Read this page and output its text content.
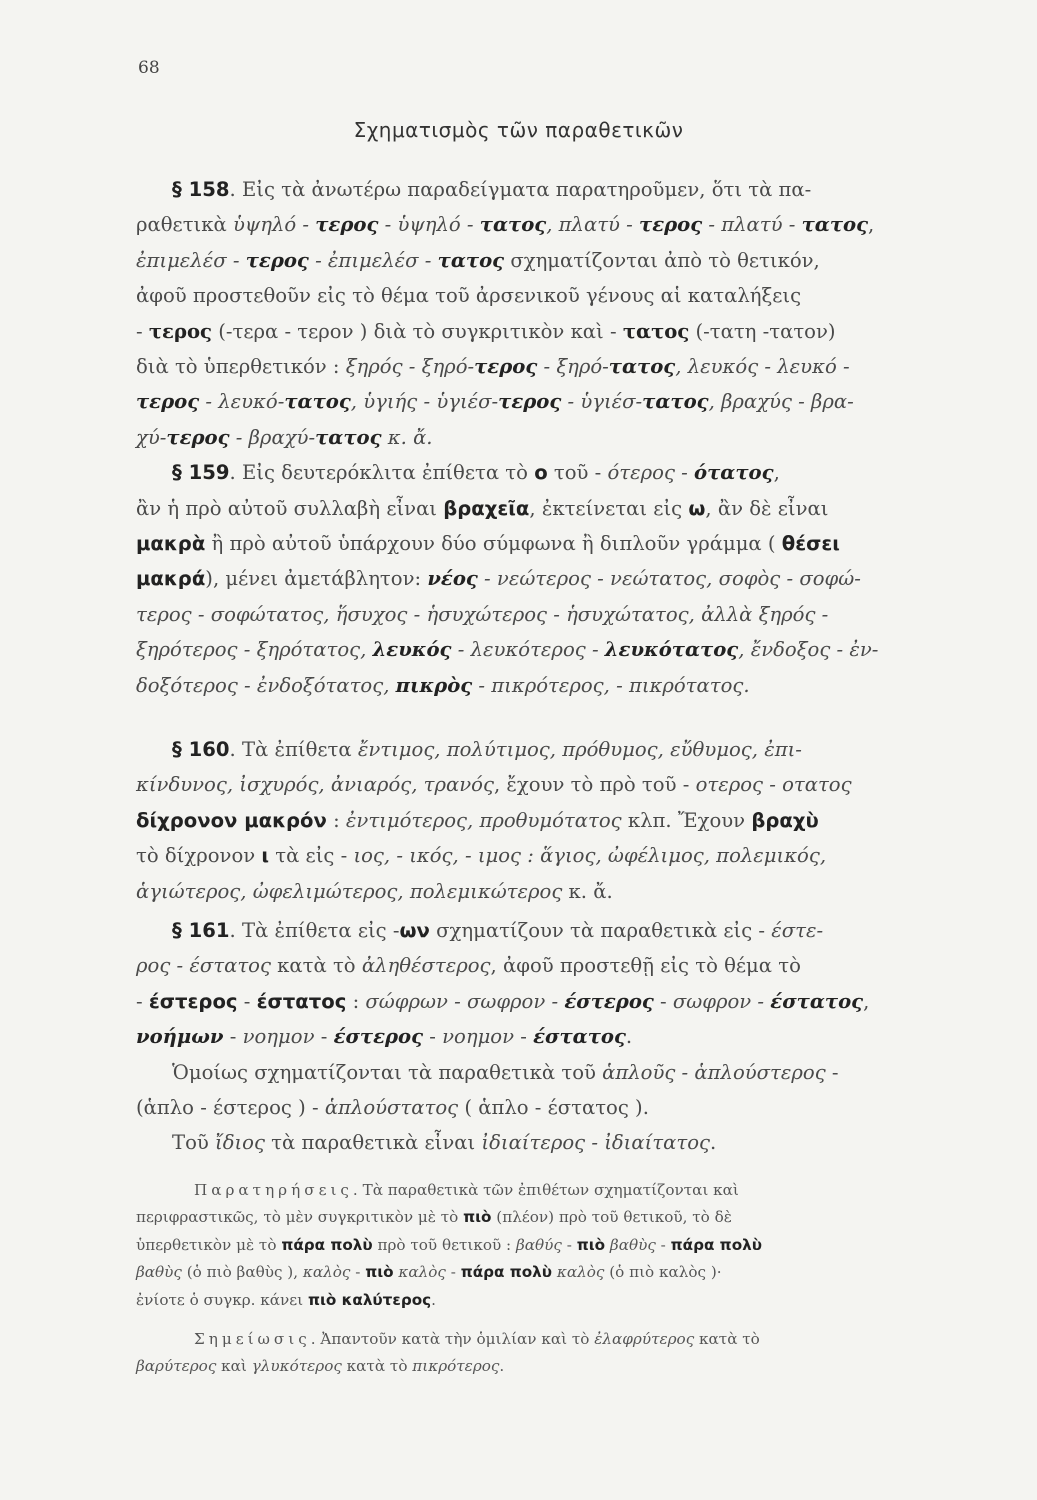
68
Σχηματισμὸς τῶν παραθετικῶν
§ 158. Εἰς τὰ ἀνωτέρω παραδείγματα παρατηροῦμεν, ὅτι τὰ πα-
ραθετικὰ ὑψηλό - τερος - ὑψηλό - τατος, πλατύ - τερος - πλατύ - τατος,
ἐπιμελέσ - τερος - ἐπιμελέσ - τατος σχηματίζονται ἀπὸ τὸ θετικόν,
ἀφοῦ προστεθοῦν εἰς τὸ θέμα τοῦ ἀρσενικοῦ γένους αἱ καταλήξεις
- τερος (-τερα - τερον ) διὰ τὸ συγκριτικὸν καὶ - τατος (-τατη -τατον)
διὰ τὸ ὑπερθετικόν : ξηρός - ξηρό-τερος - ξηρό-τατος, λευκός - λευκό -
τερος - λευκό-τατος, ὑγιής - ὑγιέσ-τερος - ὑγιέσ-τατος, βραχύς - βρα-
χύ-τερος - βραχύ-τατος κ. ἄ.
§ 159. Εἰς δευτερόκλιτα ἐπίθετα τὸ ο τοῦ - ότερος - ότατος,
ἂν ἡ πρὸ αὐτοῦ συλλαβὴ εἶναι βραχεῖα, ἐκτείνεται εἰς ω, ἂν δὲ εἶναι
μακρὰ ἢ πρὸ αὐτοῦ ὑπάρχουν δύο σύμφωνα ἢ διπλοῦν γράμμα ( θέσει
μακρά), μένει ἀμετάβλητον: νέος - νεώτερος - νεώτατος, σοφὸς - σοφώ-
τερος - σοφώτατος, ἥσυχος - ἡσυχώτερος - ἡσυχώτατος, ἀλλὰ ξηρός -
ξηρότερος - ξηρότατος, λευκός - λευκότερος - λευκότατος, ἔνδοξος - ἐν-
δοξότερος - ἐνδοξότατος, πικρὸς - πικρότερος, - πικρότατος.
§ 160. Τὰ ἐπίθετα ἔντιμος, πολύτιμος, πρόθυμος, εὔθυμος, ἐπι-
κίνδυνος, ἰσχυρός, ἀνιαρός, τρανός, ἔχουν τὸ πρὸ τοῦ - οτερος - οτατος
δίχρονον μακρόν : ἐντιμότερος, προθυμότατος κλπ. Ἔχουν βραχὺ
τὸ δίχρονον ι τὰ εἰς - ιος, - ικός, - ιμος : ἅγιος, ὠφέλιμος, πολεμικός,
ἁγιώτερος, ὠφελιμώτερος, πολεμικώτερος κ. ἄ.
§ 161. Τὰ ἐπίθετα εἰς -ων σχηματίζουν τὰ παραθετικὰ εἰς - έστε-
ρος - έστατος κατὰ τὸ ἀληθέστερος, ἀφοῦ προστεθῇ εἰς τὸ θέμα τὸ
- έστερος - έστατος : σώφρων - σωφρον - έστερος - σωφρον - έστατος,
νοήμων - νοημον - έστερος - νοημον - έστατος.
Ὁμοίως σχηματίζονται τὰ παραθετικὰ τοῦ ἁπλοῦς - ἁπλούστερος -
(ἁπλο - έστερος ) - ἁπλούστατος ( ἁπλο - έστατος ).
Τοῦ ἴδιος τὰ παραθετικὰ εἶναι ἰδιαίτερος - ἰδιαίτατος.
Παρατηρήσεις. Τὰ παραθετικὰ τῶν ἐπιθέτων σχηματίζονται καὶ
περιφραστικῶς, τὸ μὲν συγκριτικὸν μὲ τὸ πιὸ (πλέον) πρὸ τοῦ θετικοῦ, τὸ δὲ
ὑπερθετικὸν μὲ τὸ πάρα πολὺ πρὸ τοῦ θετικοῦ : βαθύς - πιὸ βαθὺς - πάρα πολὺ
βαθὺς (ὁ πιὸ βαθὺς ), καλὸς - πιὸ καλὸς - πάρα πολὺ καλὸς (ὁ πιὸ καλὸς )·
ἐνίοτε ὁ συγκρ. κάνει πιὸ καλύτερος.
Σημείωσις. Ἀπαντοῦν κατὰ τὴν ὁμιλίαν καὶ τὸ ἐλαφρύτερος κατὰ τὸ
βαρύτερος καὶ γλυκότερος κατὰ τὸ πικρότερος.
